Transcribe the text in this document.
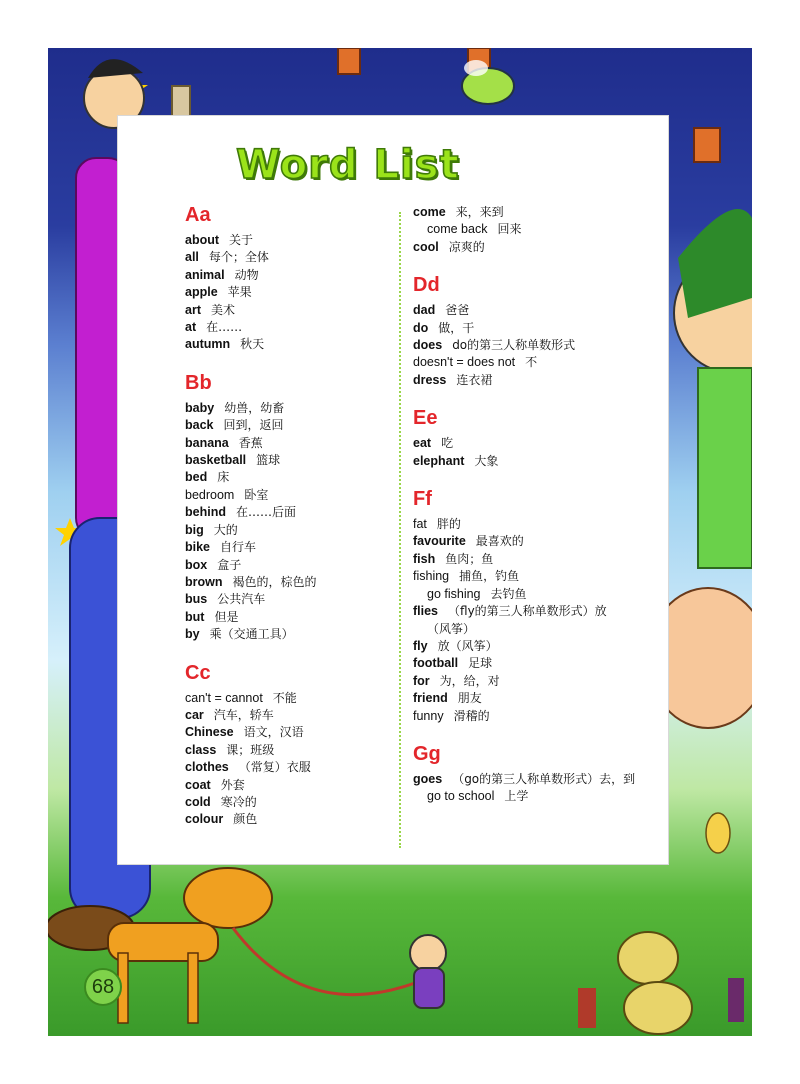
Word List
Aa
about 关于
all 每个；全体
animal 动物
apple 苹果
art 美术
at 在……
autumn 秋天
Bb
baby 幼兽，幼畜
back 回到，返回
banana 香蕉
basketball 篮球
bed 床
bedroom 卧室
behind 在……后面
big 大的
bike 自行车
box 盒子
brown 褐色的，棕色的
bus 公共汽车
but 但是
by 乘（交通工具）
Cc
can't = cannot 不能
car 汽车，轿车
Chinese 语文，汉语
class 课；班级
clothes （常复）衣服
coat 外套
cold 寒冷的
colour 颜色
come 来，来到
come back 回来
cool 凉爽的
Dd
dad 爸爸
do 做，干
does do的第三人称单数形式
doesn't = does not 不
dress 连衣裙
Ee
eat 吃
elephant 大象
Ff
fat 胖的
favourite 最喜欢的
fish 鱼肉；鱼
fishing 捕鱼，钓鱼
go fishing 去钓鱼
flies （fly的第三人称单数形式）放
（风筝）
fly 放（风筝）
football 足球
for 为，给，对
friend 朋友
funny 滑稽的
Gg
goes （go的第三人称单数形式）去，到
go to school 上学
68
